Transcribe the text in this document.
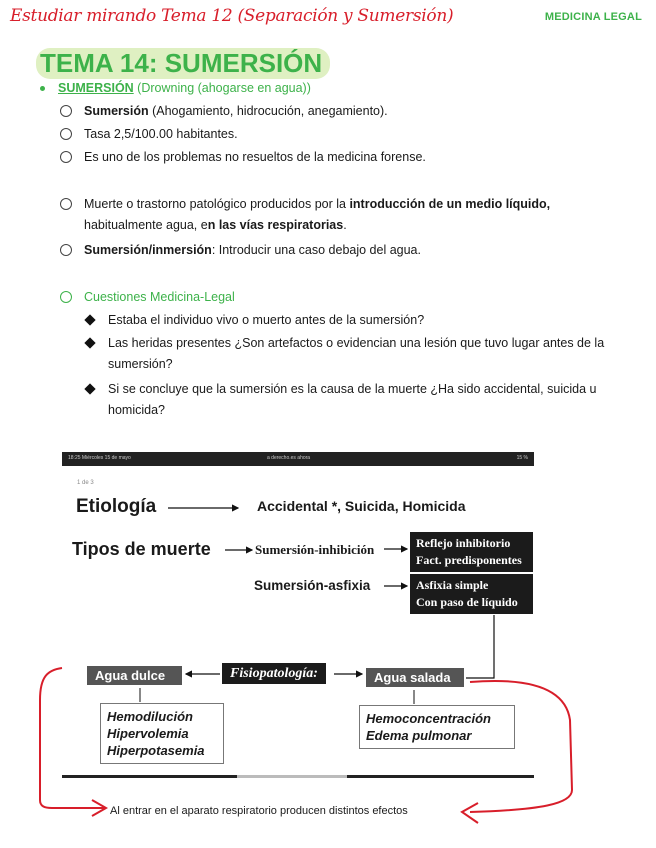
Estudiar mirando Tema 12 (Separación y Sumersión)	MEDICINA LEGAL
TEMA 14: SUMERSIÓN
SUMERSIÓN (Drowning (ahogarse en agua))
Sumersión (Ahogamiento, hidrocución, anegamiento).
Tasa 2,5/100.00 habitantes.
Es uno de los problemas no resueltos de la medicina forense.
Muerte o trastorno patológico producidos por la introducción de un medio líquido, habitualmente agua, en las vías respiratorias.
Sumersión/inmersión: Introducir una caso debajo del agua.
Cuestiones Medicina-Legal
Estaba el individuo vivo o muerto antes de la sumersión?
Las heridas presentes ¿Son artefactos o evidencian una lesión que tuvo lugar antes de la sumersión?
Si se concluye que la sumersión es la causa de la muerte ¿Ha sido accidental, suicida u homicida?
18:25 Miércoles 15 de mayo	a derecho.es ahora	15 %
1 de 3
Etiología	Accidental *, Suicida, Homicida
Tipos de muerte	Sumersión-inhibición	Reflejo inhibitorio
Fact. predisponentes
Sumersión-asfixia	Asfixia simple
Con paso de líquido
Fisiopatología:
Agua dulce	Agua salada
Hemodilución
Hipervolemia
Hiperpotasemia
Hemoconcentración
Edema pulmonar
Al entrar en el aparato respiratorio producen distintos efectos
